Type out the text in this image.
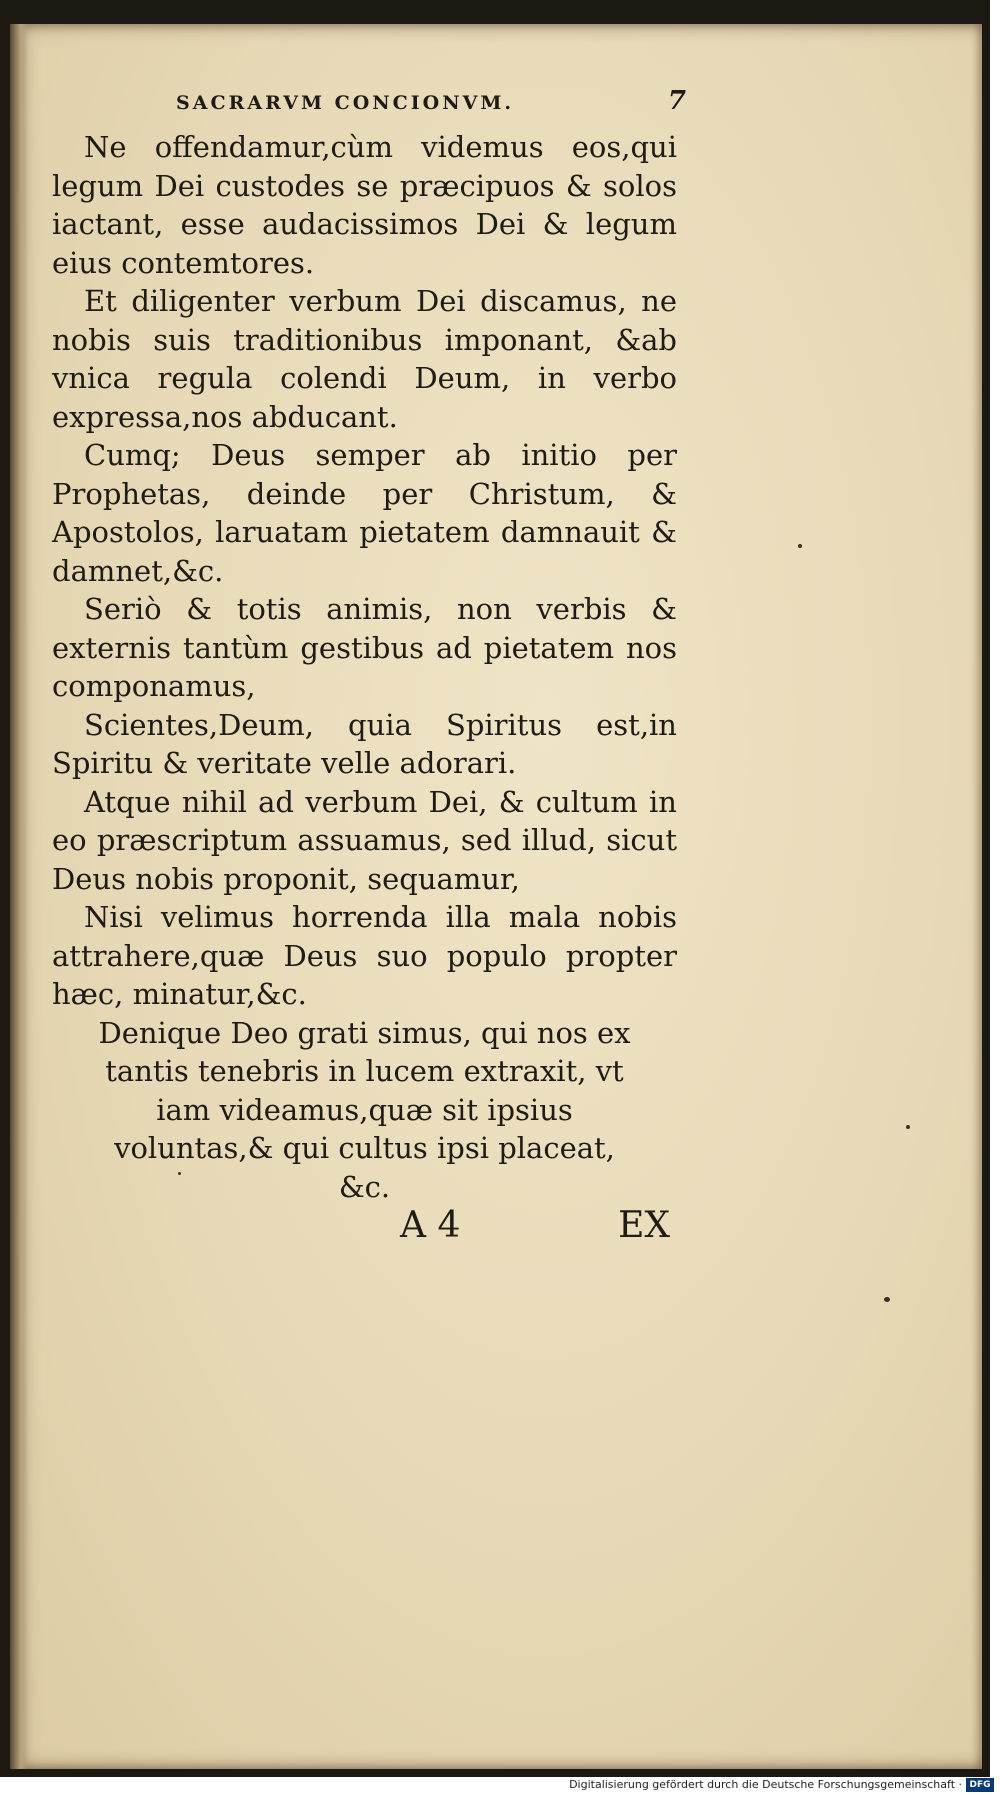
SACRARVM CONCIONVM.	7

Ne offendamur,cùm videmus eos,qui legum Dei custodes se præcipuos & solos iactant, esse audacissimos Dei & legum eius contemtores.

Et diligenter verbum Dei discamus, ne nobis suis traditionibus imponant, &ab vnica regula colendi Deum, in verbo expressa,nos abducant.

Cumq; Deus semper ab initio per Prophetas, deinde per Christum, & Apostolos, laruatam pietatem damnauit & damnet,&c.

Seriò & totis animis, non verbis & externis tantùm gestibus ad pietatem nos componamus,

Scientes,Deum, quia Spiritus est,in Spiritu & veritate velle adorari.

Atque nihil ad verbum Dei, & cultum in eo præscriptum assuamus, sed illud, sicut Deus nobis proponit, sequamur,

Nisi velimus horrenda illa mala nobis attrahere,quæ Deus suo populo propter hæc, minatur,&c.

Denique Deo grati simus, qui nos ex tantis tenebris in lucem extraxit, vt iam videamus,quæ sit ipsius voluntas,& qui cultus ipsi placeat, &c.

A 4	EX
Digitalisierung gefördert durch die Deutsche Forschungsgemeinschaft · DFG
